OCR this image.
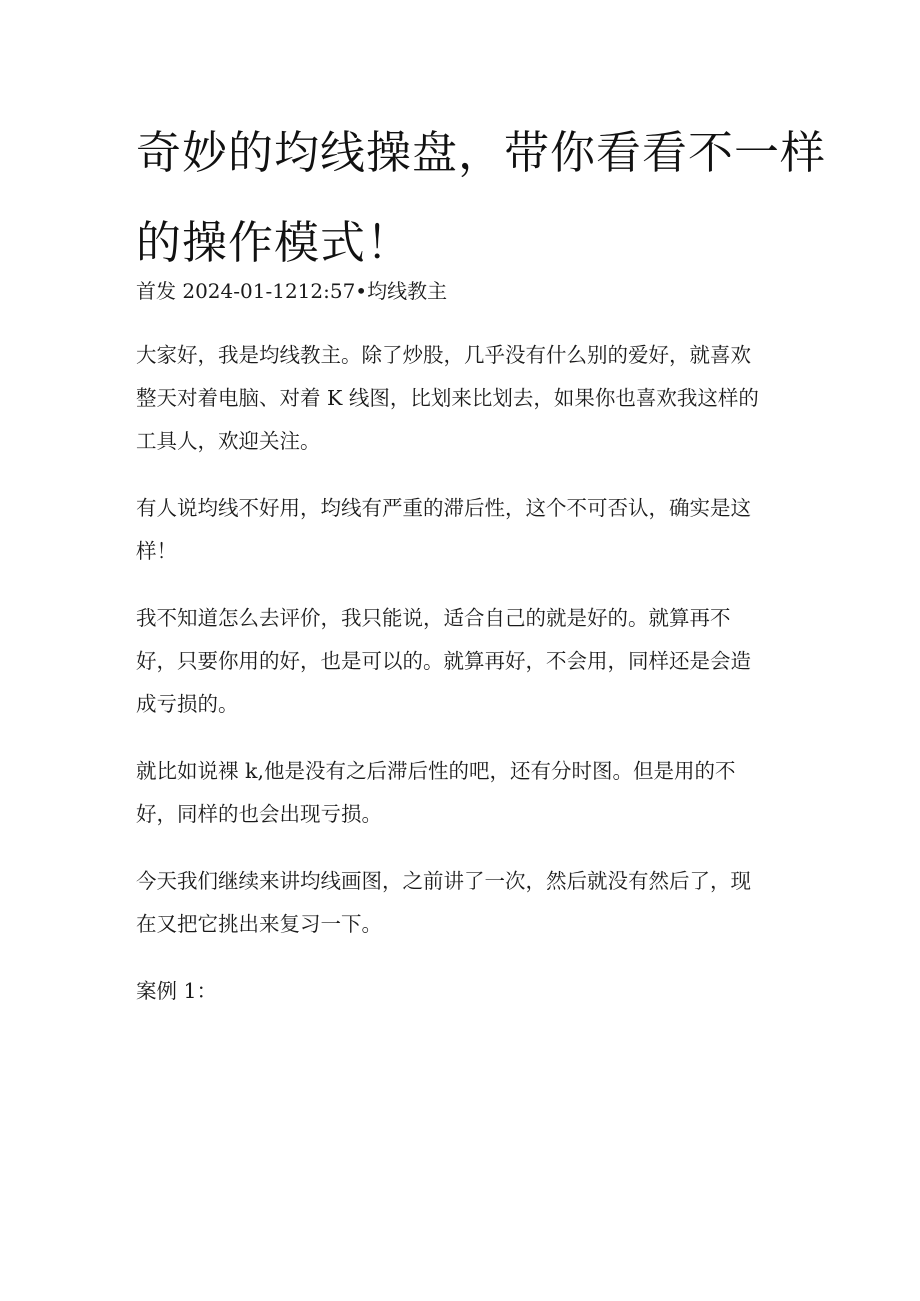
奇妙的均线操盘，带你看看不一样
的操作模式！
首发 2024-01-1212:57•均线教主

大家好，我是均线教主。除了炒股，几乎没有什么别的爱好，就喜欢
整天对着电脑、对着 K 线图，比划来比划去，如果你也喜欢我这样的
工具人，欢迎关注。

有人说均线不好用，均线有严重的滞后性，这个不可否认，确实是这
样！

我不知道怎么去评价，我只能说，适合自己的就是好的。就算再不
好，只要你用的好，也是可以的。就算再好，不会用，同样还是会造
成亏损的。

就比如说裸 k,他是没有之后滞后性的吧，还有分时图。但是用的不
好，同样的也会出现亏损。

今天我们继续来讲均线画图，之前讲了一次，然后就没有然后了，现
在又把它挑出来复习一下。

案例 1：
